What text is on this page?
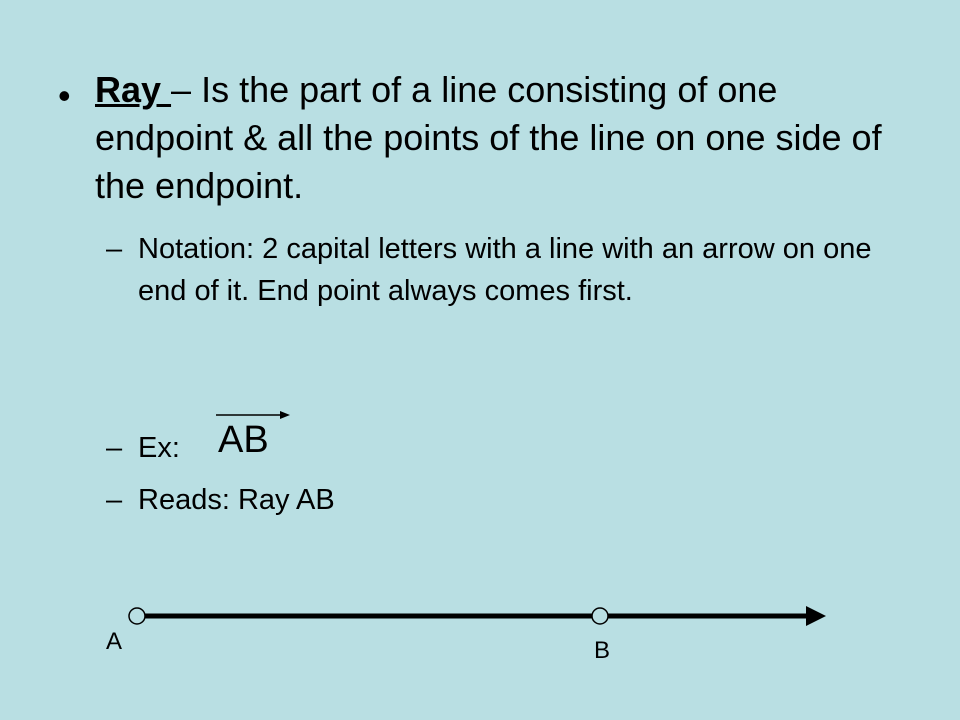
• Ray – Is the part of a line consisting of one endpoint & all the points of the line on one side of the endpoint.
– Notation: 2 capital letters with a line with an arrow on one end of it. End point always comes first.
– Ex:	AB
– Reads: Ray AB
A	B
